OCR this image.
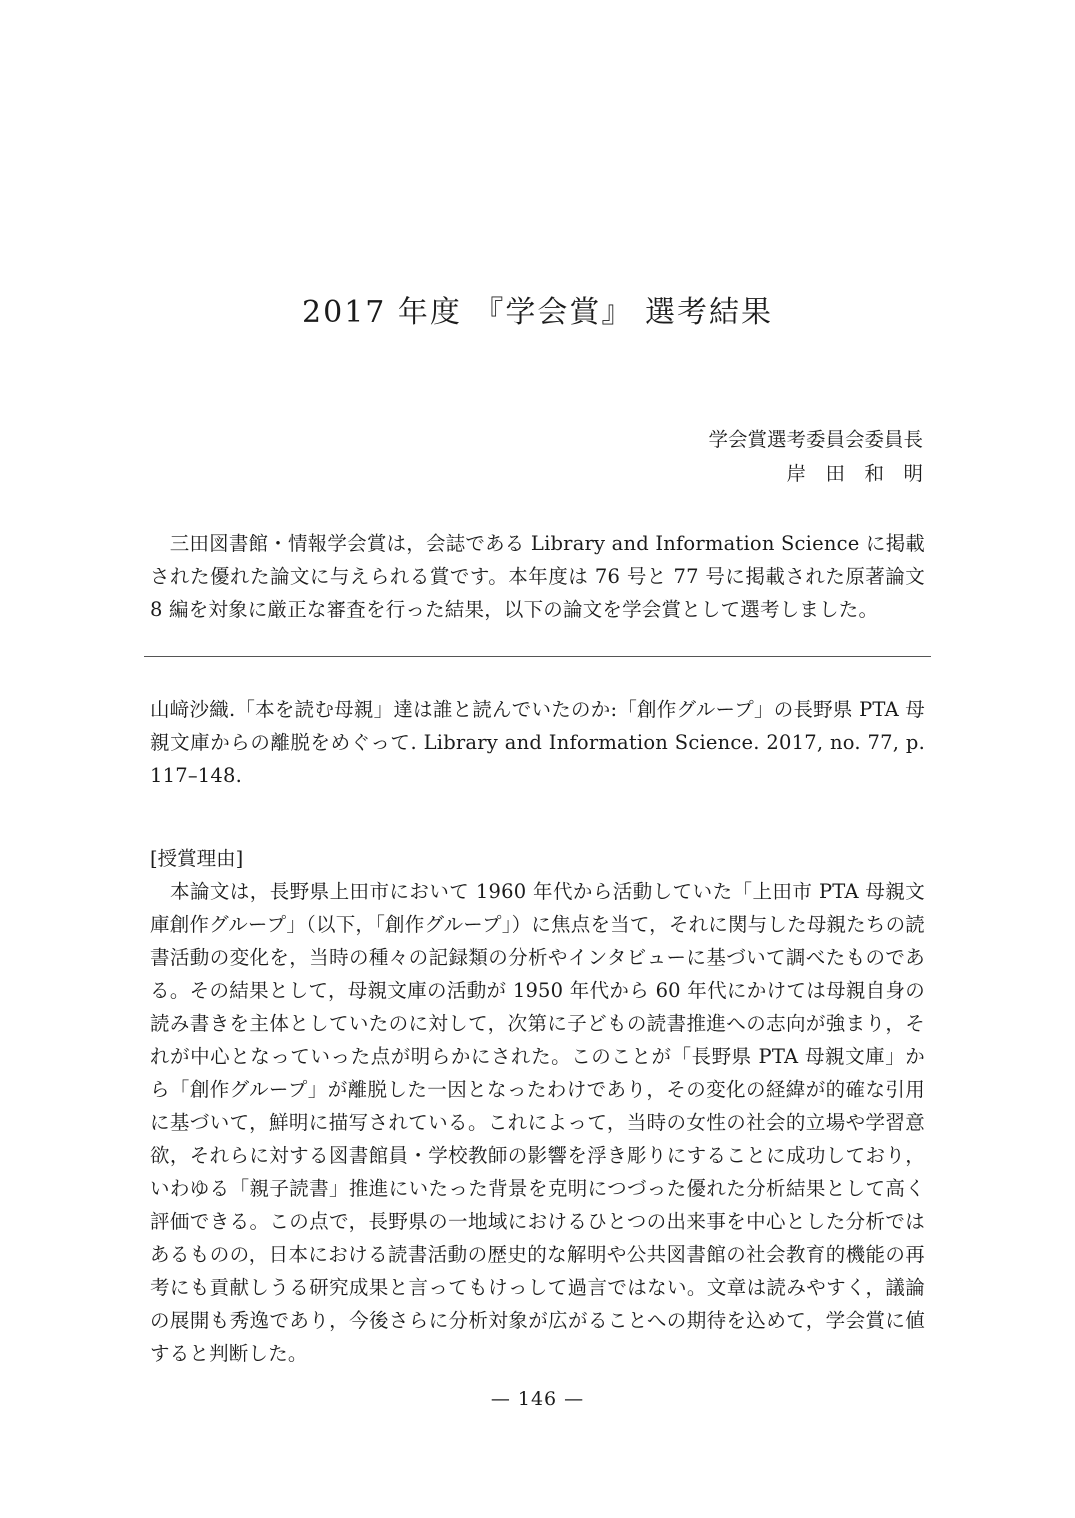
2017 年度 『学会賞』 選考結果
学会賞選考委員会委員長
岸　田　和　明

　三田図書館・情報学会賞は，会誌である Library and Information Science に掲載された優れた論文に与えられる賞です。本年度は 76 号と 77 号に掲載された原著論文 8 編を対象に厳正な審査を行った結果，以下の論文を学会賞として選考しました。

山﨑沙織.「本を読む母親」達は誰と読んでいたのか:「創作グループ」の長野県 PTA 母親文庫からの離脱をめぐって. Library and Information Science. 2017, no. 77, p. 117–148.

[授賞理由]

　本論文は，長野県上田市において 1960 年代から活動していた「上田市 PTA 母親文庫創作グループ」（以下，「創作グループ」）に焦点を当て，それに関与した母親たちの読書活動の変化を，当時の種々の記録類の分析やインタビューに基づいて調べたものである。その結果として，母親文庫の活動が 1950 年代から 60 年代にかけては母親自身の読み書きを主体としていたのに対して，次第に子どもの読書推進への志向が強まり，それが中心となっていった点が明らかにされた。このことが「長野県 PTA 母親文庫」から「創作グループ」が離脱した一因となったわけであり，その変化の経緯が的確な引用に基づいて，鮮明に描写されている。これによって，当時の女性の社会的立場や学習意欲，それらに対する図書館員・学校教師の影響を浮き彫りにすることに成功しており，いわゆる「親子読書」推進にいたった背景を克明につづった優れた分析結果として高く評価できる。この点で，長野県の一地域におけるひとつの出来事を中心とした分析ではあるものの，日本における読書活動の歴史的な解明や公共図書館の社会教育的機能の再考にも貢献しうる研究成果と言ってもけっして過言ではない。文章は読みやすく，議論の展開も秀逸であり，今後さらに分析対象が広がることへの期待を込めて，学会賞に値すると判断した。

— 146 —
